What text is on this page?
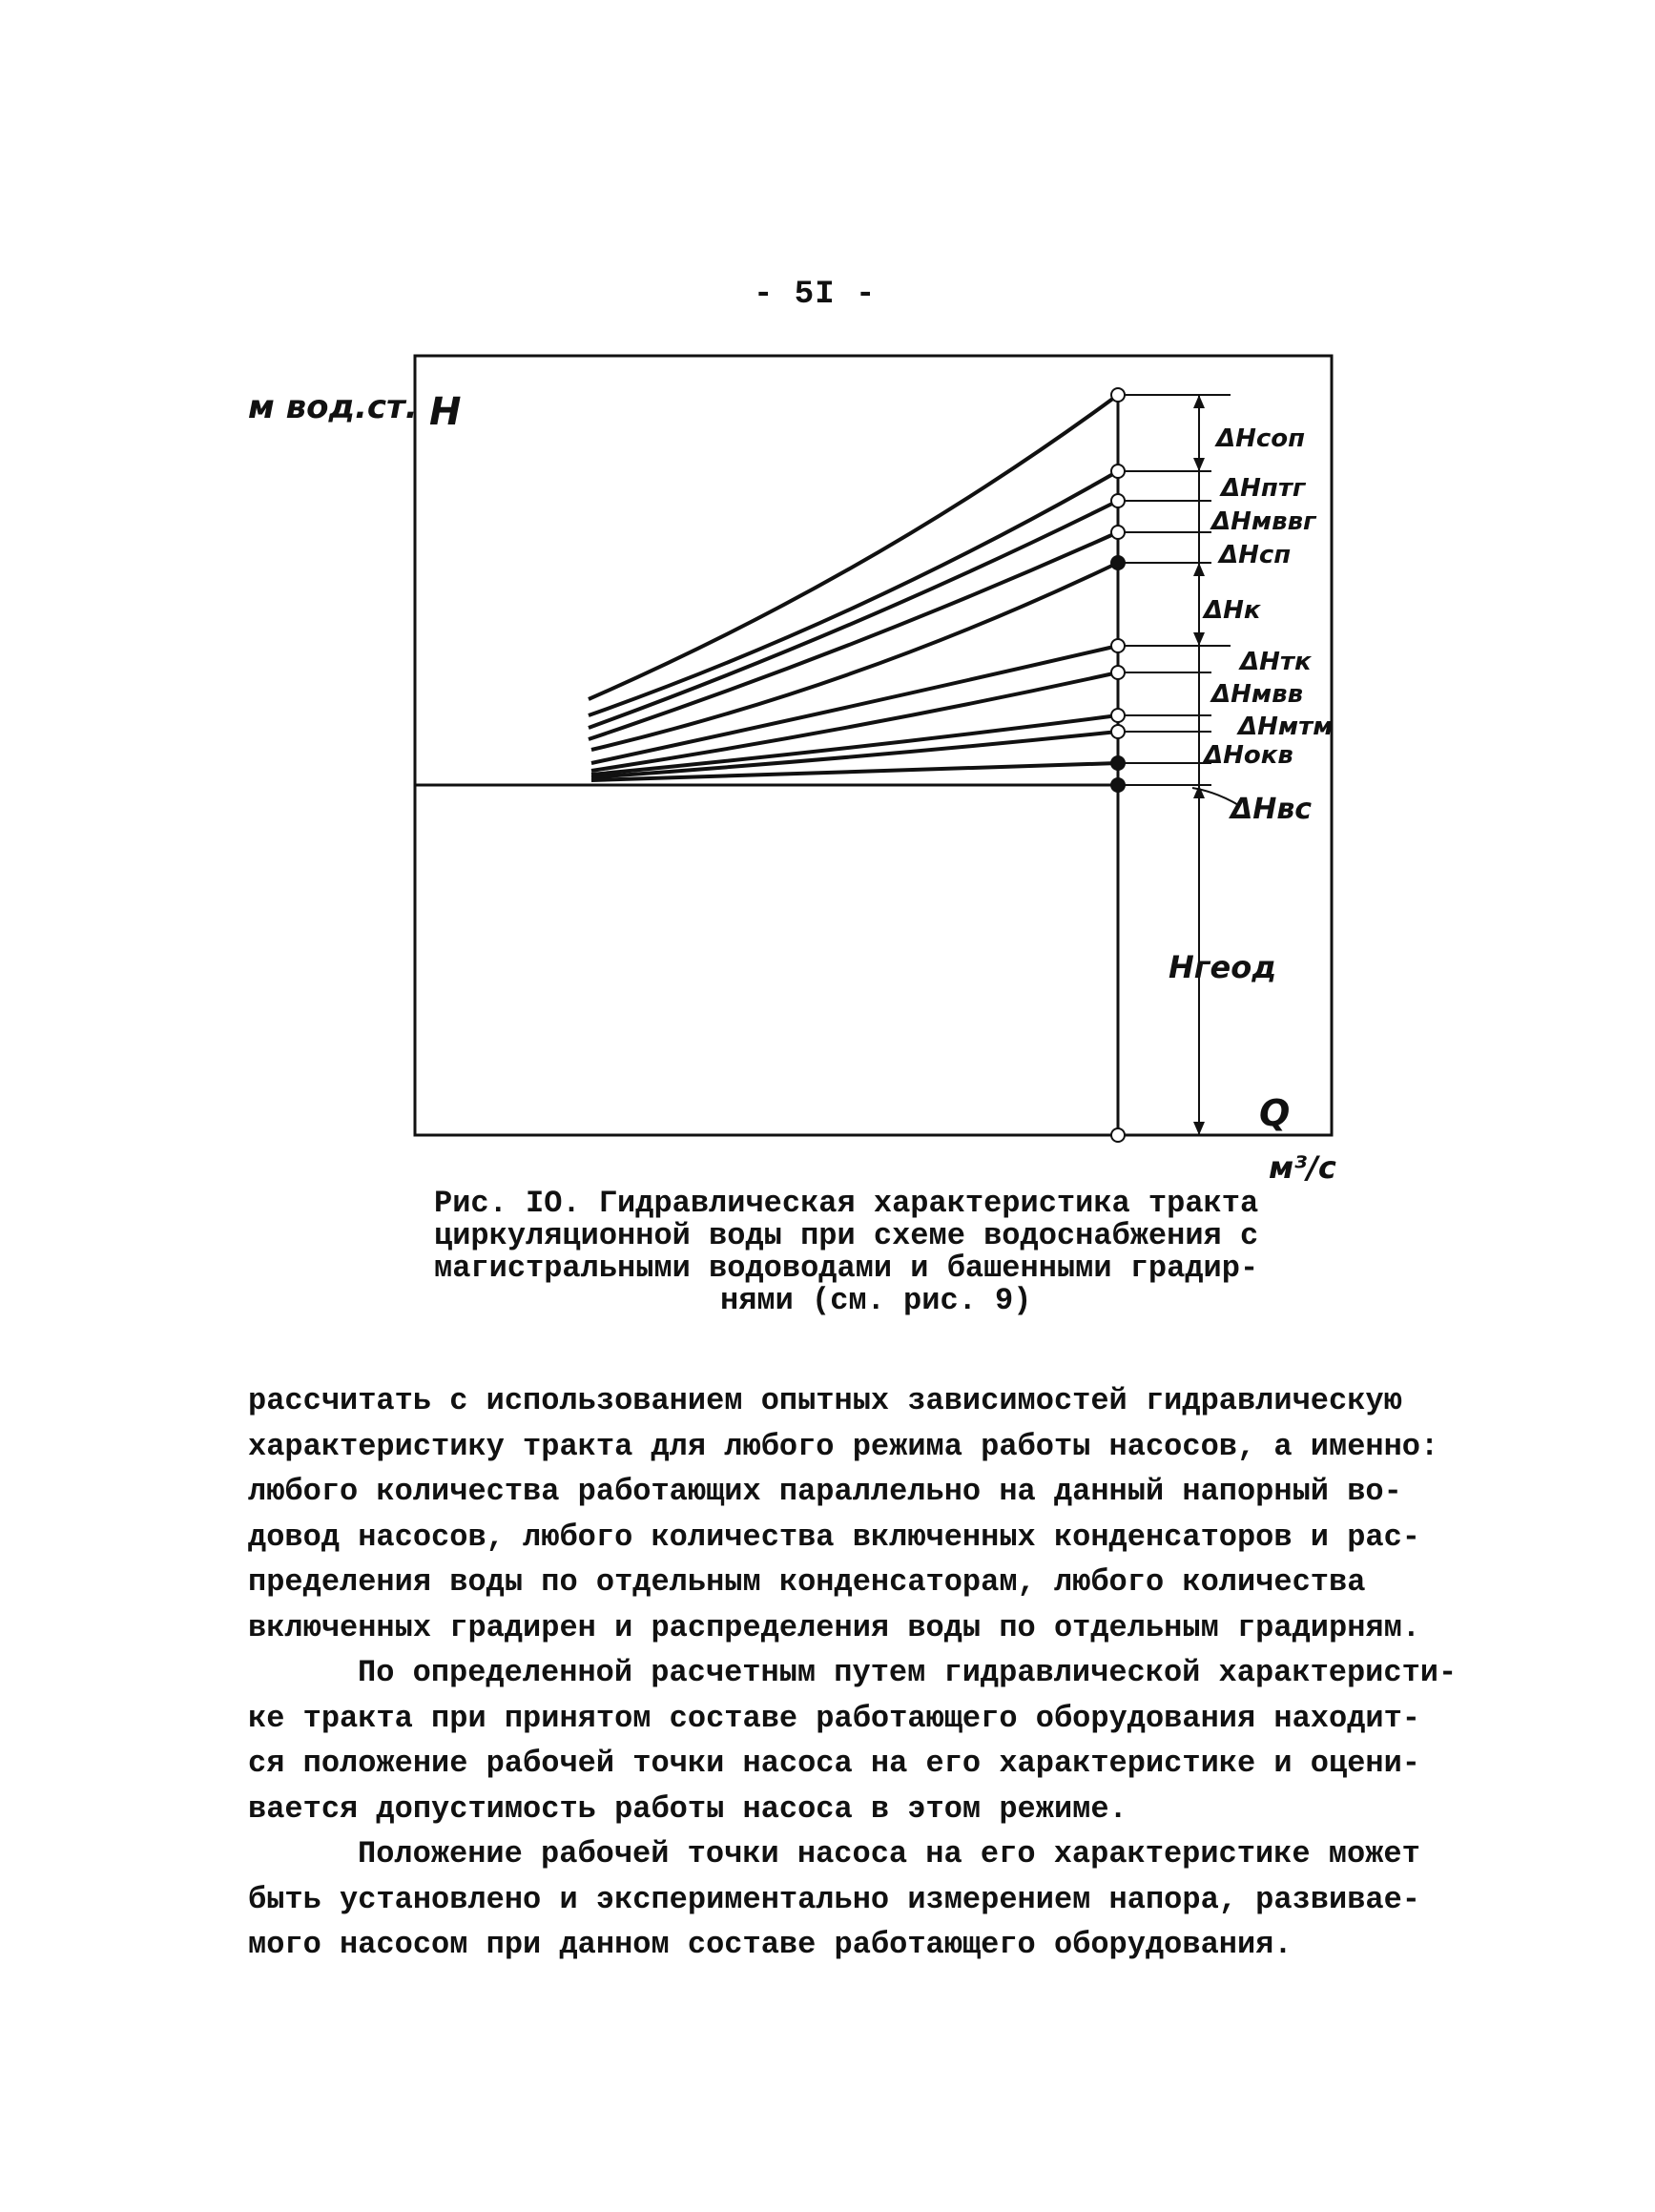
- 5I -
м вод.ст. H
Q
м³/с
ΔHсоп
ΔHптг
ΔHмввг
ΔHсп
ΔHк
ΔHтк
ΔHмвв
ΔHмтм
ΔHокв
ΔHвс
Hгеод

Рис. IO. Гидравлическая характеристика тракта
циркуляционной воды при схеме водоснабжения с
магистральными водоводами и башенными градир-
нями (см. рис. 9)

рассчитать с использованием опытных зависимостей гидравлическую
характеристику тракта для любого режима работы насосов, а именно:
любого количества работающих параллельно на данный напорный во-
довод насосов, любого количества включенных конденсаторов и рас-
пределения воды по отдельным конденсаторам, любого количества
включенных градирен и распределения воды по отдельным градирням.

По определенной расчетным путем гидравлической характеристи-
ке тракта при принятом составе работающего оборудования находит-
ся положение рабочей точки насоса на его характеристике и оцени-
вается допустимость работы насоса в этом режиме.

Положение рабочей точки насоса на его характеристике может
быть установлено и экспериментально измерением напора, развивае-
мого насосом при данном составе работающего оборудования.
